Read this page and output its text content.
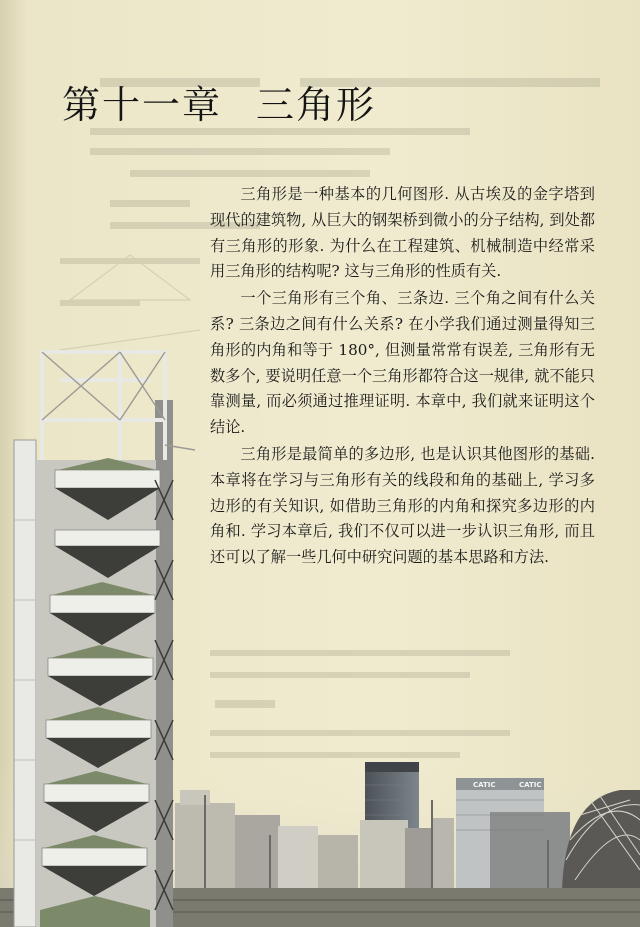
第十一章 三角形

三角形是一种基本的几何图形. 从古埃及的金字塔到现代的建筑物, 从巨大的钢架桥到微小的分子结构, 到处都有三角形的形象. 为什么在工程建筑、机械制造中经常采用三角形的结构呢? 这与三角形的性质有关.

一个三角形有三个角、三条边. 三个角之间有什么关系? 三条边之间有什么关系? 在小学我们通过测量得知三角形的内角和等于 180°, 但测量常常有误差, 三角形有无数多个, 要说明任意一个三角形都符合这一规律, 就不能只靠测量, 而必须通过推理证明. 本章中, 我们就来证明这个结论.

三角形是最简单的多边形, 也是认识其他图形的基础. 本章将在学习与三角形有关的线段和角的基础上, 学习多边形的有关知识, 如借助三角形的内角和探究多边形的内角和. 学习本章后, 我们不仅可以进一步认识三角形, 而且还可以了解一些几何中研究问题的基本思路和方法.

CATIC	CATIC
